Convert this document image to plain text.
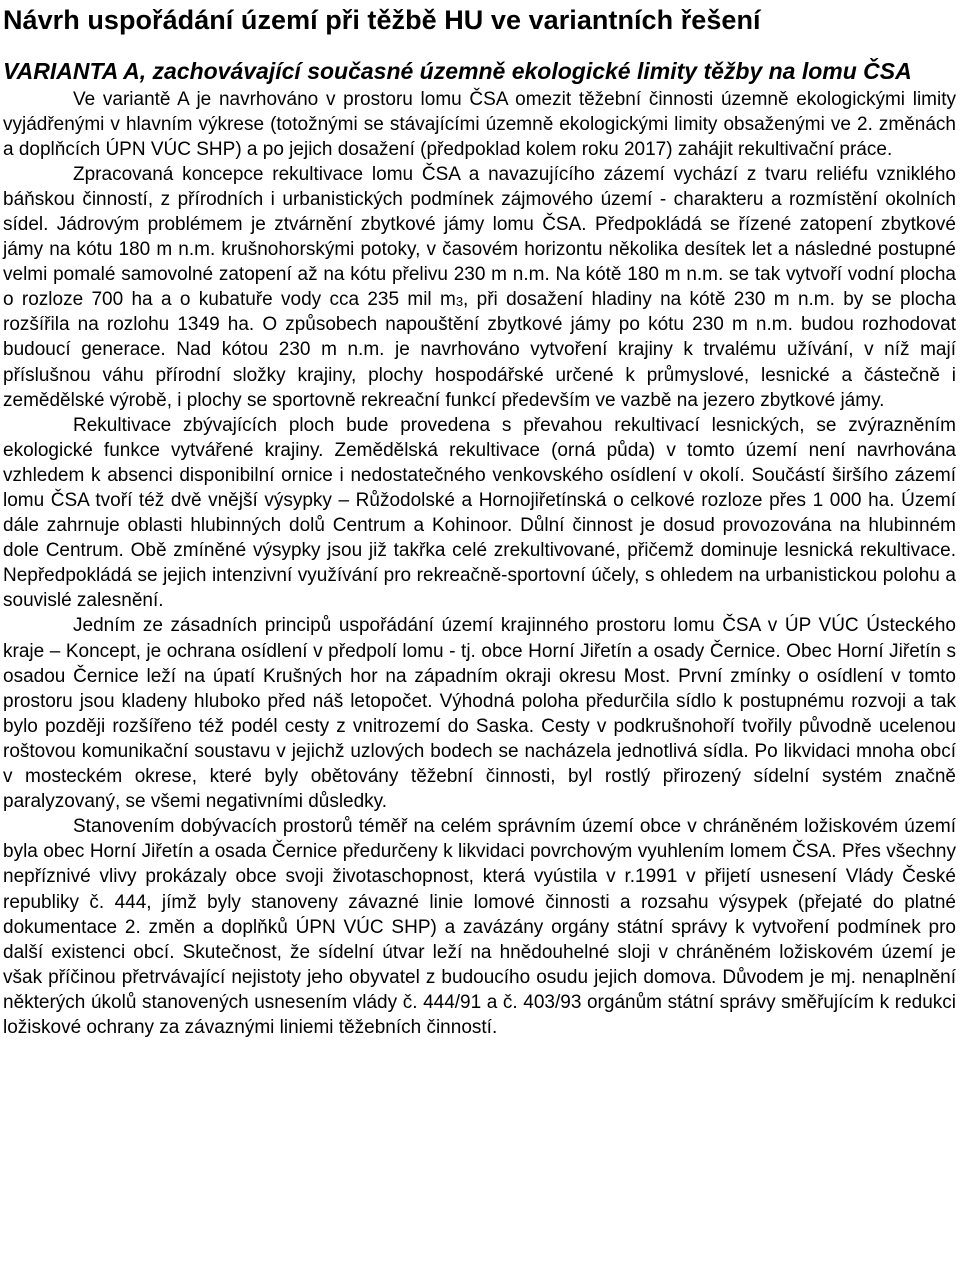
Návrh uspořádání území při těžbě HU ve variantních řešení
VARIANTA A, zachovávající současné územně ekologické limity těžby na lomu ČSA

Ve variantě A je navrhováno v prostoru lomu ČSA omezit těžební činnosti územně ekologickými limity vyjádřenými v hlavním výkrese (totožnými se stávajícími územně ekologickými limity obsaženými ve 2. změnách a doplňcích ÚPN VÚC SHP) a po jejich dosažení (předpoklad kolem roku 2017) zahájit rekultivační práce.

Zpracovaná koncepce rekultivace lomu ČSA a navazujícího zázemí vychází z tvaru reliéfu vzniklého báňskou činností, z přírodních i urbanistických podmínek zájmového území - charakteru a rozmístění okolních sídel. Jádrovým problémem je ztvárnění zbytkové jámy lomu ČSA. Předpokládá se řízené zatopení zbytkové jámy na kótu 180 m n.m. krušnohorskými potoky, v časovém horizontu několika desítek let a následné postupné velmi pomalé samovolné zatopení až na kótu přelivu 230 m n.m. Na kótě 180 m n.m. se tak vytvoří vodní plocha o rozloze 700 ha a o kubatuře vody cca 235 mil $m_3$, při dosažení hladiny na kótě 230 m n.m. by se plocha rozšířila na rozlohu 1349 ha. O způsobech napouštění zbytkové jámy po kótu 230 m n.m. budou rozhodovat budoucí generace. Nad kótou 230 m n.m. je navrhováno vytvoření krajiny k trvalému užívání, v níž mají příslušnou váhu přírodní složky krajiny, plochy hospodářské určené k průmyslové, lesnické a částečně i zemědělské výrobě, i plochy se sportovně rekreační funkcí především ve vazbě na jezero zbytkové jámy.

Rekultivace zbývajících ploch bude provedena s převahou rekultivací lesnických, se zvýrazněním ekologické funkce vytvářené krajiny. Zemědělská rekultivace (orná půda) v tomto území není navrhována vzhledem k absenci disponibilní ornice i nedostatečného venkovského osídlení v okolí. Součástí širšího zázemí lomu ČSA tvoří též dvě vnější výsypky – Růžodolské a Hornojiřetínská o celkové rozloze přes 1 000 ha. Území dále zahrnuje oblasti hlubinných dolů Centrum a Kohinoor. Důlní činnost je dosud provozována na hlubinném dole Centrum. Obě zmíněné výsypky jsou již takřka celé zrekultivované, přičemž dominuje lesnická rekultivace. Nepředpokládá se jejich intenzivní využívání pro rekreačně-sportovní účely, s ohledem na urbanistickou polohu a souvislé zalesnění.

Jedním ze zásadních principů uspořádání území krajinného prostoru lomu ČSA v ÚP VÚC Ústeckého kraje – Koncept, je ochrana osídlení v předpolí lomu - tj. obce Horní Jiřetín a osady Černice. Obec Horní Jiřetín s osadou Černice leží na úpatí Krušných hor na západním okraji okresu Most. První zmínky o osídlení v tomto prostoru jsou kladeny hluboko před náš letopočet. Výhodná poloha předurčila sídlo k postupnému rozvoji a tak bylo později rozšířeno též podél cesty z vnitrozemí do Saska. Cesty v podkrušnohoří tvořily původně ucelenou roštovou komunikační soustavu v jejichž uzlových bodech se nacházela jednotlivá sídla. Po likvidaci mnoha obcí v mosteckém okrese, které byly obětovány těžební činnosti, byl rostlý přirozený sídelní systém značně paralyzovaný, se všemi negativními důsledky.

Stanovením dobývacích prostorů téměř na celém správním území obce v chráněném ložiskovém území byla obec Horní Jiřetín a osada Černice předurčeny k likvidaci povrchovým vyuhlením lomem ČSA. Přes všechny nepříznivé vlivy prokázaly obce svoji životaschopnost, která vyústila v r.1991 v přijetí usnesení Vlády České republiky č. 444, jímž byly stanoveny závazné linie lomové činnosti a rozsahu výsypek (přejaté do platné dokumentace 2. změn a doplňků ÚPN VÚC SHP) a zavázány orgány státní správy k vytvoření podmínek pro další existenci obcí. Skutečnost, že sídelní útvar leží na hnědouhelné sloji v chráněném ložiskovém území je však příčinou přetrvávající nejistoty jeho obyvatel z budoucího osudu jejich domova. Důvodem je mj. nenaplnění některých úkolů stanovených usnesením vlády č. 444/91 a č. 403/93 orgánům státní správy směřujícím k redukci ložiskové ochrany za závaznými liniemi těžebních činností.
